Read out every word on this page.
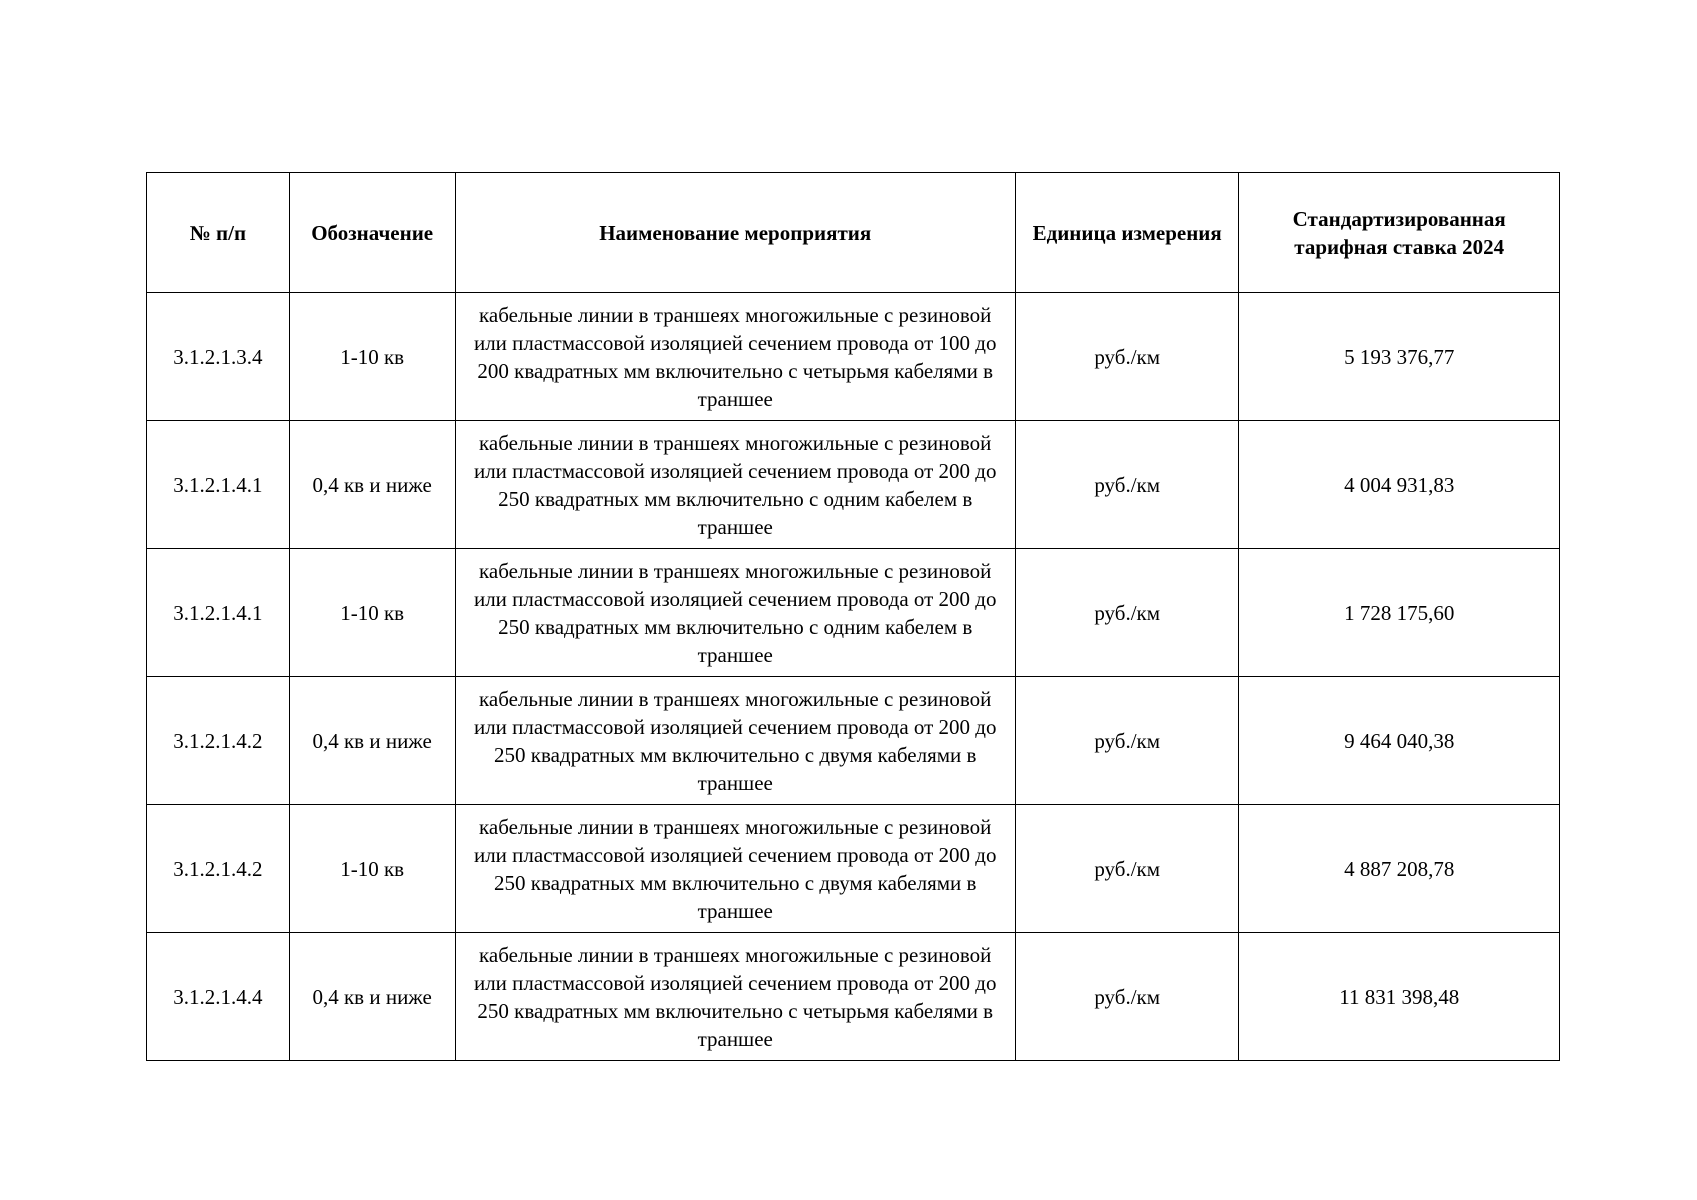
№ п/п	Обозначение	Наименование мероприятия	Единица измерения	Стандартизированная тарифная ставка 2024
3.1.2.1.3.4	1-10 кв	кабельные линии в траншеях многожильные с резиновой или пластмассовой изоляцией сечением провода от 100 до 200 квадратных мм включительно с четырьмя кабелями в траншее	руб./км	5 193 376,77
3.1.2.1.4.1	0,4 кв и ниже	кабельные линии в траншеях многожильные с резиновой или пластмассовой изоляцией сечением провода от 200 до 250 квадратных мм включительно с одним кабелем в траншее	руб./км	4 004 931,83
3.1.2.1.4.1	1-10 кв	кабельные линии в траншеях многожильные с резиновой или пластмассовой изоляцией сечением провода от 200 до 250 квадратных мм включительно с одним кабелем в траншее	руб./км	1 728 175,60
3.1.2.1.4.2	0,4 кв и ниже	кабельные линии в траншеях многожильные с резиновой или пластмассовой изоляцией сечением провода от 200 до 250 квадратных мм включительно с двумя кабелями в траншее	руб./км	9 464 040,38
3.1.2.1.4.2	1-10 кв	кабельные линии в траншеях многожильные с резиновой или пластмассовой изоляцией сечением провода от 200 до 250 квадратных мм включительно с двумя кабелями в траншее	руб./км	4 887 208,78
3.1.2.1.4.4	0,4 кв и ниже	кабельные линии в траншеях многожильные с резиновой или пластмассовой изоляцией сечением провода от 200 до 250 квадратных мм включительно с четырьмя кабелями в траншее	руб./км	11 831 398,48
